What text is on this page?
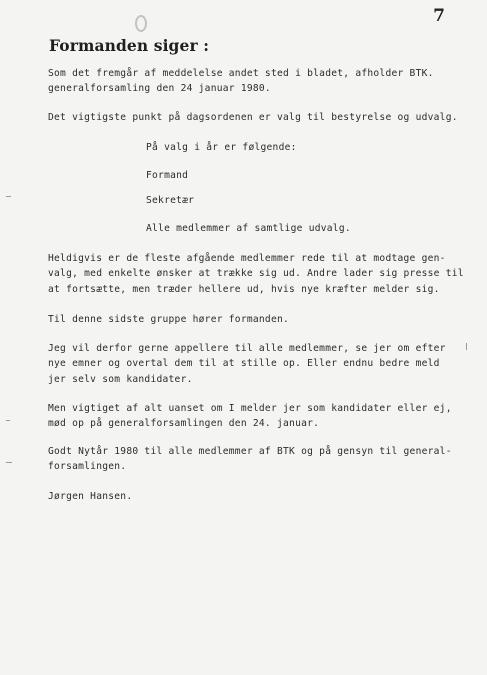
7
Formanden siger :
Som det fremgår af meddelelse andet sted i bladet, afholder BTK.
generalforsamling den 24 januar 1980.
Det vigtigste punkt på dagsordenen er valg til bestyrelse og udvalg.
På valg i år er følgende:
Formand
Sekretær
Alle medlemmer af samtlige udvalg.
Heldigvis er de fleste afgående medlemmer rede til at modtage gen-
valg, med enkelte ønsker at trække sig ud. Andre lader sig presse til
at fortsætte, men træder hellere ud, hvis nye kræfter melder sig.
Til denne sidste gruppe hører formanden.
Jeg vil derfor gerne appellere til alle medlemmer, se jer om efter
nye emner og overtal dem til at stille op. Eller endnu bedre meld
jer selv som kandidater.
Men vigtiget af alt uanset om I melder jer som kandidater eller ej,
mød op på generalforsamlingen den 24. januar.
Godt Nytår 1980 til alle medlemmer af BTK og på gensyn til general-
forsamlingen.
Jørgen Hansen.
